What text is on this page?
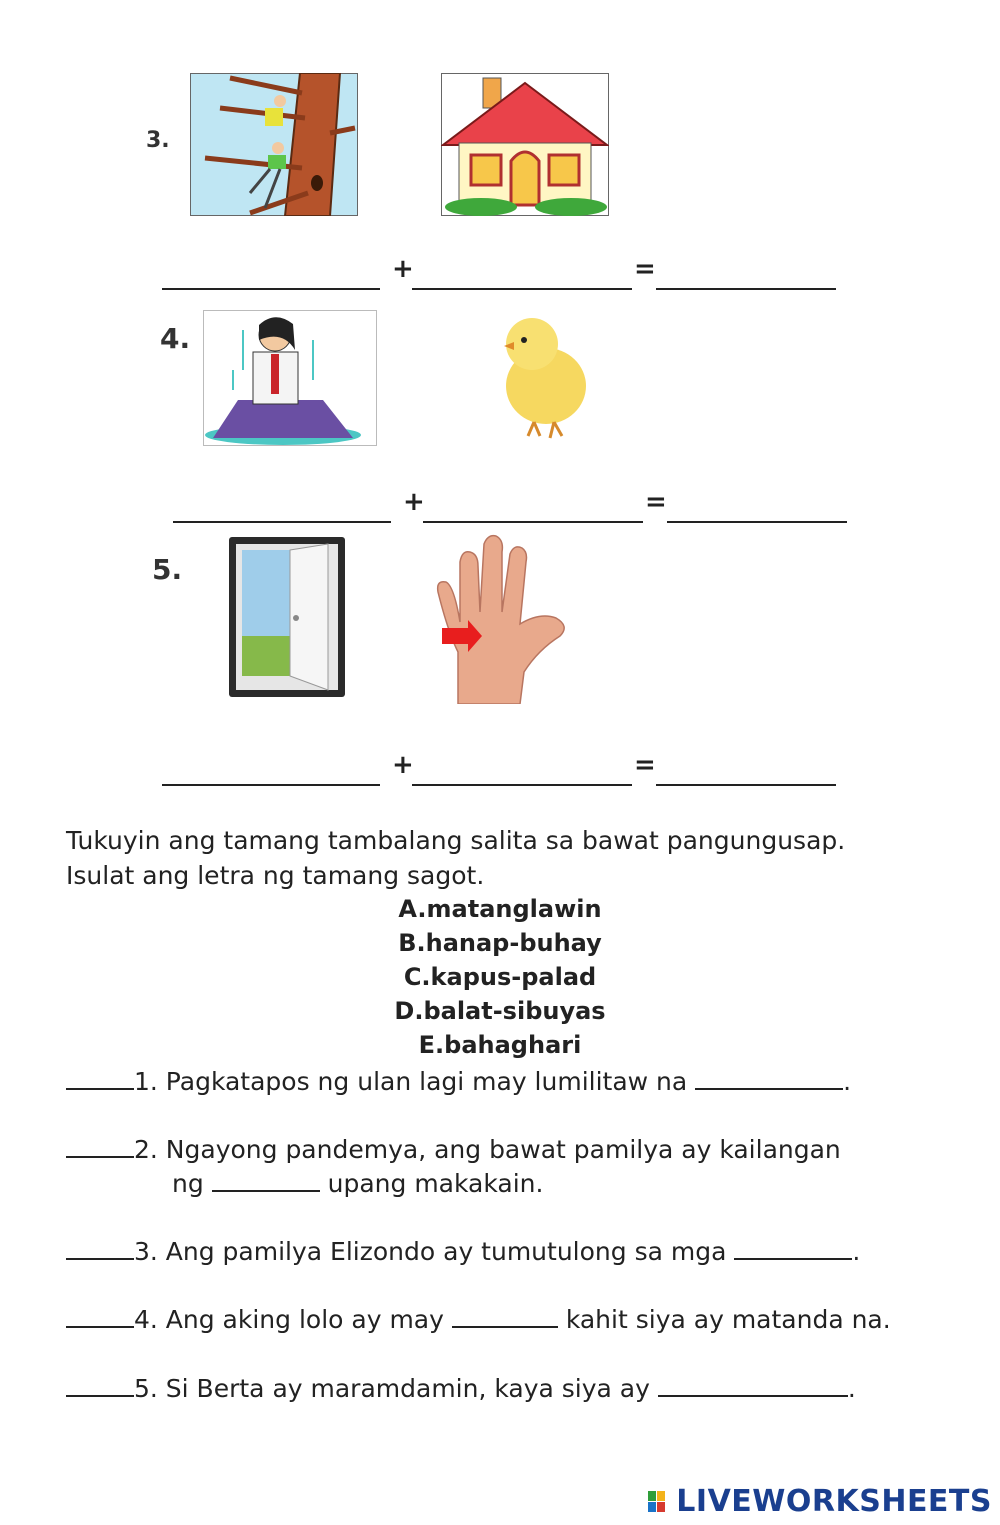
3.
+	=
4.
+	=
5.
+	=
Tukuyin ang tamang tambalang salita sa bawat pangungusap.
Isulat ang letra ng tamang sagot.
A.matanglawin
B.hanap-buhay
C.kapus-palad
D.balat-sibuyas
E.bahaghari
1. Pagkatapos ng ulan lagi may lumilitaw na	.
2. Ngayong pandemya, ang bawat pamilya ay kailangan
ng	upang makakain.
3. Ang pamilya Elizondo ay tumutulong sa mga	.
4. Ang aking lolo ay may	kahit siya ay matanda na.
5. Si Berta ay maramdamin, kaya siya ay	.
LIVEWORKSHEETS
